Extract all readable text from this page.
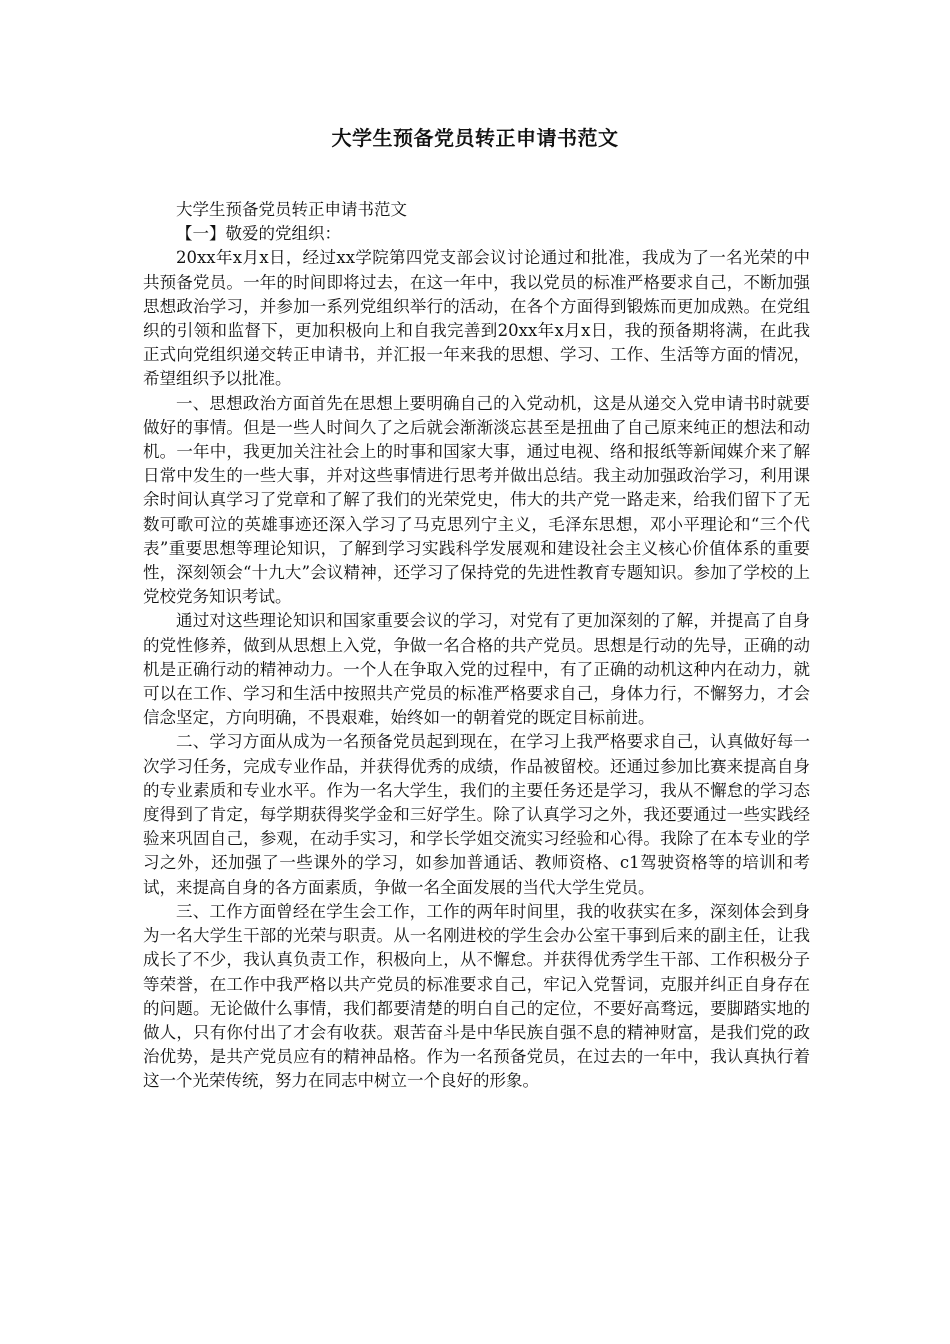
大学生预备党员转正申请书范文

大学生预备党员转正申请书范文

【一】敬爱的党组织：

20xx年x月x日，经过xx学院第四党支部会议讨论通过和批准，我成为了一名光荣的中共预备党员。一年的时间即将过去，在这一年中，我以党员的标准严格要求自己，不断加强思想政治学习，并参加一系列党组织举行的活动，在各个方面得到锻炼而更加成熟。在党组织的引领和监督下，更加积极向上和自我完善到20xx年x月x日，我的预备期将满，在此我正式向党组织递交转正申请书，并汇报一年来我的思想、学习、工作、生活等方面的情况，希望组织予以批准。

一、思想政治方面首先在思想上要明确自己的入党动机，这是从递交入党申请书时就要做好的事情。但是一些人时间久了之后就会渐渐淡忘甚至是扭曲了自己原来纯正的想法和动机。一年中，我更加关注社会上的时事和国家大事，通过电视、络和报纸等新闻媒介来了解日常中发生的一些大事，并对这些事情进行思考并做出总结。我主动加强政治学习，利用课余时间认真学习了党章和了解了我们的光荣党史，伟大的共产党一路走来，给我们留下了无数可歌可泣的英雄事迹还深入学习了马克思列宁主义，毛泽东思想，邓小平理论和“三个代表”重要思想等理论知识，了解到学习实践科学发展观和建设社会主义核心价值体系的重要性，深刻领会“十九大”会议精神，还学习了保持党的先进性教育专题知识。参加了学校的上党校党务知识考试。

通过对这些理论知识和国家重要会议的学习，对党有了更加深刻的了解，并提高了自身的党性修养，做到从思想上入党，争做一名合格的共产党员。思想是行动的先导，正确的动机是正确行动的精神动力。一个人在争取入党的过程中，有了正确的动机这种内在动力，就可以在工作、学习和生活中按照共产党员的标准严格要求自己，身体力行，不懈努力，才会信念坚定，方向明确，不畏艰难，始终如一的朝着党的既定目标前进。

二、学习方面从成为一名预备党员起到现在，在学习上我严格要求自己，认真做好每一次学习任务，完成专业作品，并获得优秀的成绩，作品被留校。还通过参加比赛来提高自身的专业素质和专业水平。作为一名大学生，我们的主要任务还是学习，我从不懈怠的学习态度得到了肯定，每学期获得奖学金和三好学生。除了认真学习之外，我还要通过一些实践经验来巩固自己，参观，在动手实习，和学长学姐交流实习经验和心得。我除了在本专业的学习之外，还加强了一些课外的学习，如参加普通话、教师资格、c1驾驶资格等的培训和考试，来提高自身的各方面素质，争做一名全面发展的当代大学生党员。

三、工作方面曾经在学生会工作，工作的两年时间里，我的收获实在多，深刻体会到身为一名大学生干部的光荣与职责。从一名刚进校的学生会办公室干事到后来的副主任，让我成长了不少，我认真负责工作，积极向上，从不懈怠。并获得优秀学生干部、工作积极分子等荣誉，在工作中我严格以共产党员的标准要求自己，牢记入党誓词，克服并纠正自身存在的问题。无论做什么事情，我们都要清楚的明白自己的定位，不要好高骛远，要脚踏实地的做人，只有你付出了才会有收获。艰苦奋斗是中华民族自强不息的精神财富，是我们党的政治优势，是共产党员应有的精神品格。作为一名预备党员，在过去的一年中，我认真执行着这一个光荣传统，努力在同志中树立一个良好的形象。
